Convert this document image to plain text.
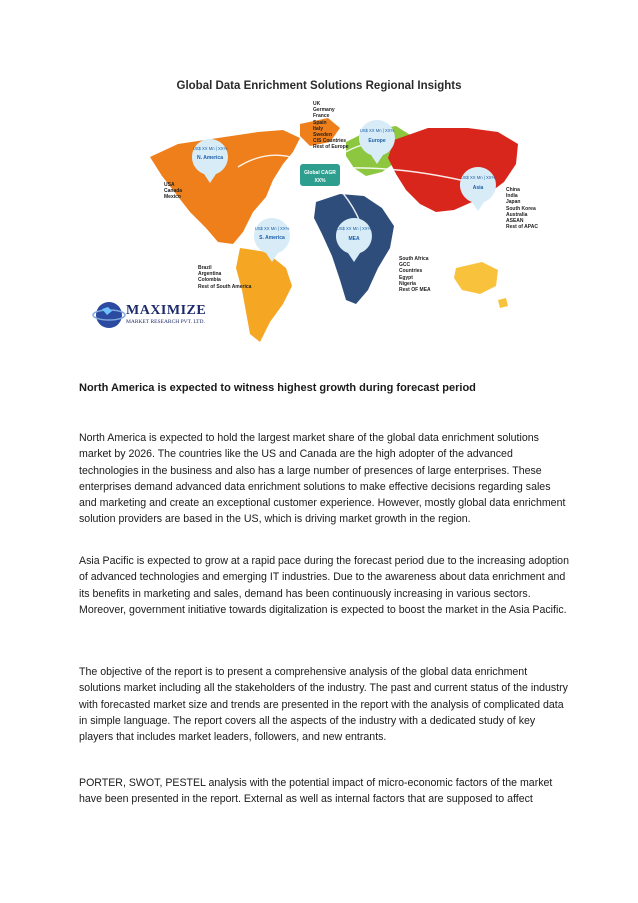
Global Data Enrichment Solutions Regional Insights
US$ XX Mn | XX%
N. America
US$ XX Mn | XX%
S. America
US$ XX Mn | XX%
Europe
US$ XX Mn | XX%
MEA
US$ XX Mn | XX%
Asia
Global CAGR
XX%
USA
Canada
Mexico
Brazil
Argentina
Colombia
Rest of South America
UK
Germany
France
Spain
Italy
Sweden
CIS Countries
Rest of Europe
South Africa
GCC
Countries
Egypt
Nigeria
Rest OF MEA
China
India
Japan
South Korea
Australia
ASEAN
Rest of APAC
MAXIMIZE
MARKET RESEARCH PVT. LTD.
North America is expected to witness highest growth during forecast period

North America is expected to hold the largest market share of the global data enrichment solutions market by 2026. The countries like the US and Canada are the high adopter of the advanced technologies in the business and also has a large number of presences of large enterprises. These enterprises demand advanced data enrichment solutions to make effective decisions regarding sales and marketing and create an exceptional customer experience. However, mostly global data enrichment solution providers are based in the US, which is driving market growth in the region.

Asia Pacific is expected to grow at a rapid pace during the forecast period due to the increasing adoption of advanced technologies and emerging IT industries. Due to the awareness about data enrichment and its benefits in marketing and sales, demand has been continuously increasing in various sectors. Moreover, government initiative towards digitalization is expected to boost the market in the Asia Pacific.

The objective of the report is to present a comprehensive analysis of the global data enrichment solutions market including all the stakeholders of the industry. The past and current status of the industry with forecasted market size and trends are presented in the report with the analysis of complicated data in simple language. The report covers all the aspects of the industry with a dedicated study of key players that includes market leaders, followers, and new entrants.

PORTER, SWOT, PESTEL analysis with the potential impact of micro-economic factors of the market have been presented in the report. External as well as internal factors that are supposed to affect
